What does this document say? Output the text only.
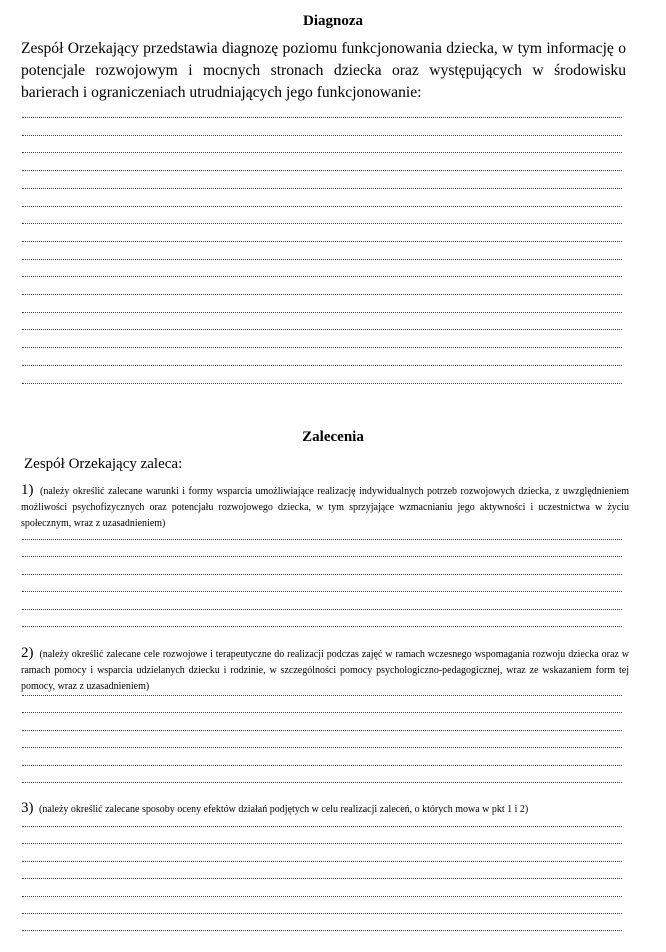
Diagnoza
Zespół Orzekający przedstawia diagnozę poziomu funkcjonowania dziecka, w tym informację o potencjale rozwojowym i mocnych stronach dziecka oraz występujących w środowisku barierach i ograniczeniach utrudniających jego funkcjonowanie:
Zalecenia
Zespół Orzekający zaleca:
1) (należy określić zalecane warunki i formy wsparcia umożliwiające realizację indywidualnych potrzeb rozwojowych dziecka, z uwzględnieniem możliwości psychofizycznych oraz potencjału rozwojowego dziecka, w tym sprzyjające wzmacnianiu jego aktywności i uczestnictwa w życiu społecznym, wraz z uzasadnieniem)
2) (należy określić zalecane cele rozwojowe i terapeutyczne do realizacji podczas zajęć w ramach wczesnego wspomagania rozwoju dziecka oraz w ramach pomocy i wsparcia udzielanych dziecku i rodzinie, w szczególności pomocy psychologiczno-pedagogicznej, wraz ze wskazaniem form tej pomocy, wraz z uzasadnieniem)
3) (należy określić zalecane sposoby oceny efektów działań podjętych w celu realizacji zaleceń, o których mowa w pkt 1 i 2)
